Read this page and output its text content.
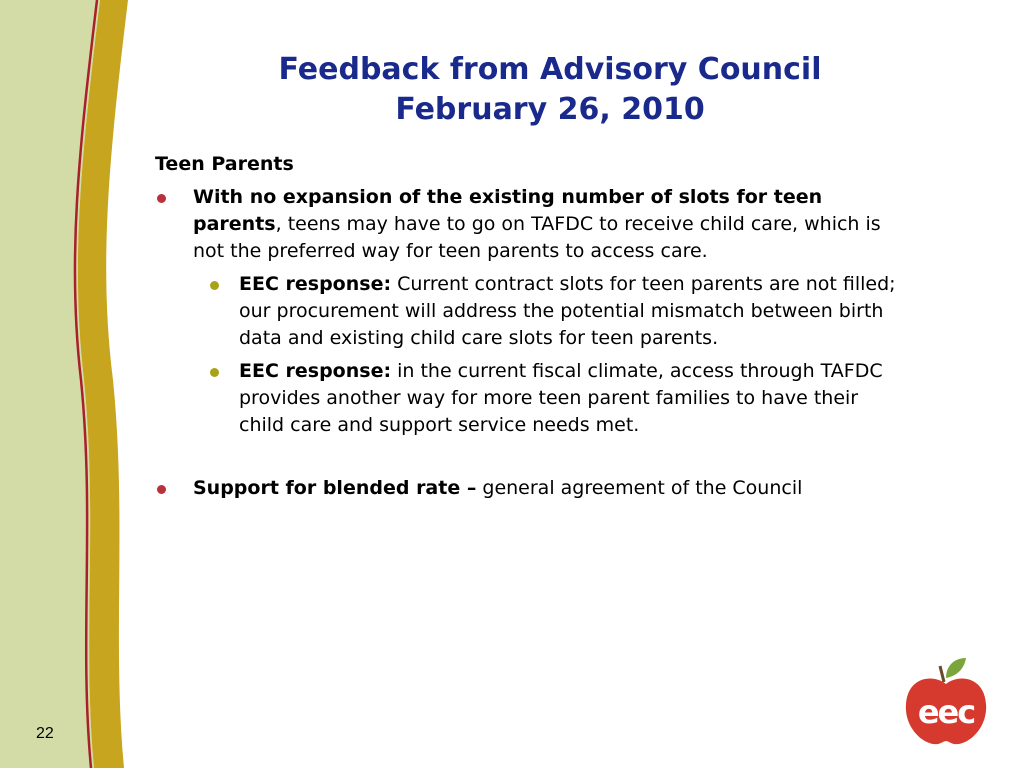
Feedback from Advisory Council
February 26, 2010
Teen Parents
With no expansion of the existing number of slots for teen parents, teens may have to go on TAFDC to receive child care, which is not the preferred way for teen parents to access care.
EEC response: Current contract slots for teen parents are not filled; our procurement will address the potential mismatch between birth data and existing child care slots for teen parents.
EEC response: in the current fiscal climate, access through TAFDC provides another way for more teen parent families to have their child care and support service needs met.
Support for blended rate – general agreement of the Council
22
eec
